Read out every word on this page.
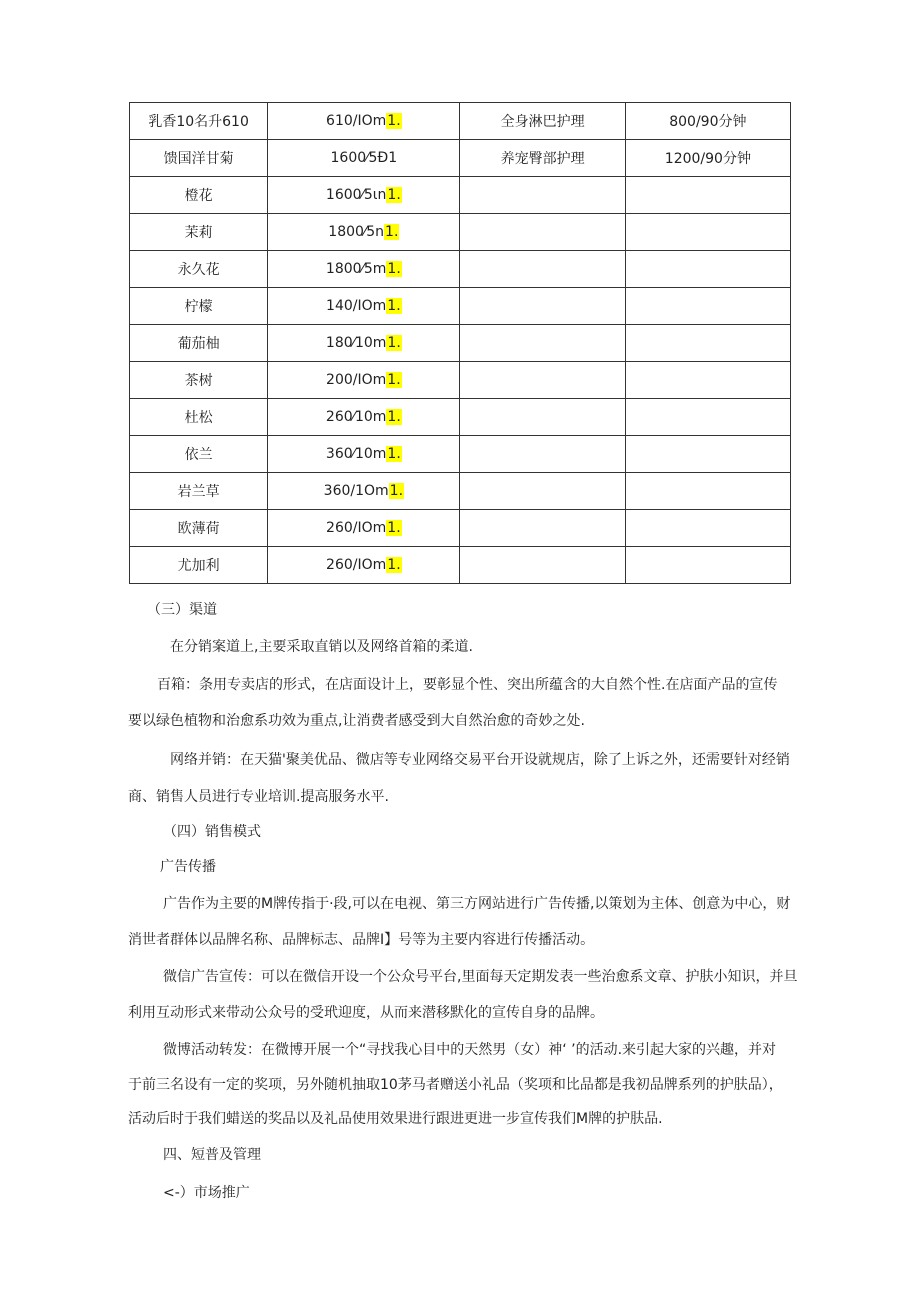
乳香10名升610	610/IOm1.	全身淋巴护理	800/90分钟
馈国洋甘菊	1600⁄5Đ1	养宠臀部护理	1200/90分钟
橙花	1600⁄5ιn1.		
茉莉	1800⁄5n1.		
永久花	1800⁄5m1.		
柠檬	140/IOm1.		
葡茄柚	180⁄10m1.		
茶树	200/IOm1.		
杜松	260⁄10m1.		
依兰	360⁄10m1.		
岩兰草	360/1Om1.		
欧薄荷	260/IOm1.		
尤加利	260/IOm1.		
（三）渠道
在分销案道上,主要采取直销以及网络首箱的柔道.
百箱：条用专卖店的形式，在店面设计上，要彰显个性、突出所蕴含的大自然个性.在店面产品的宣传
要以绿色植物和治愈系功效为重点,让消费者感受到大自然治愈的奇妙之处.
网络并销：在天猫'聚美优品、微店等专业网络交易平台开设就规店，除了上诉之外，还需要针对经销
商、销售人员进行专业培训.提高服务水平.
（四）销售模式
广告传播
广告作为主要的M牌传指于·段,可以在电视、第三方网站进行广告传播,以策划为主体、创意为中心，财
消世者群体以品牌名称、品牌标志、品牌I】号等为主要内容进行传播活动。
微信广告宣传：可以在微信开设一个公众号平台,里面每天定期发表一些治愈系文章、护肤小知识，并旦
利用互动形式来带动公众号的受玳迎度，从而来潜移默化的宣传自身的品牌。
微博活动转发：在微博开展一个“寻找我心目中的天然男（女）神‘ ’的活动.来引起大家的兴趣，并对
于前三名设有一定的奖项，另外随机抽取10茅马者赠送小礼品（奖项和比品都是我初品牌系列的护肤品），
活动后时于我们蜡送的奖品以及礼品使用效果进行跟进更进一步宣传我们M牌的护肤品.
四、短普及管理
<-）市场推广
